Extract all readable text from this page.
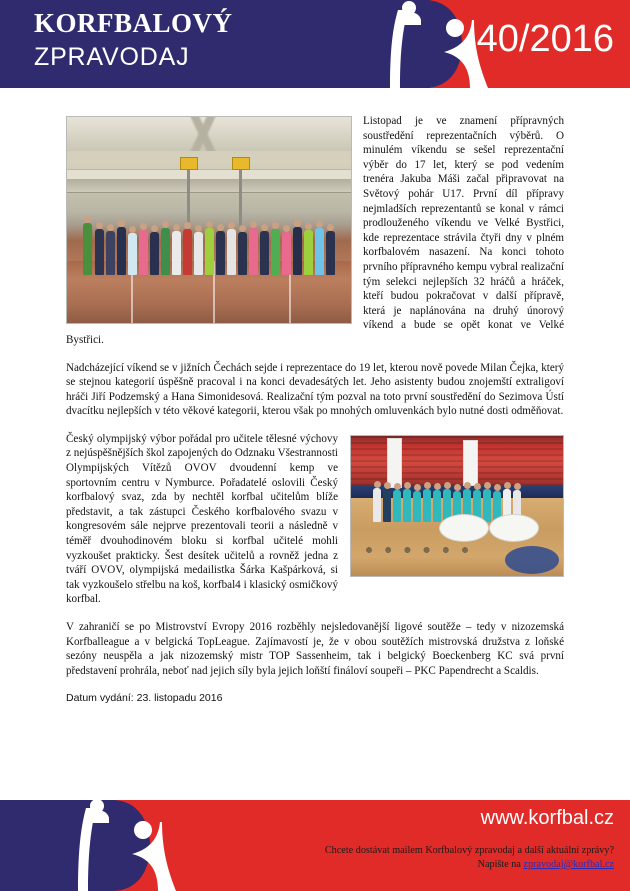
KORFBALOVÝ
ZPRAVODAJ	40/2016

Listopad je ve znamení přípravných soustředění reprezentačních výběrů. O minulém víkendu se sešel reprezentační výběr do 17 let, který se pod vedením trenéra Jakuba Máši začal připravovat na Světový pohár U17. První díl přípravy nejmladších reprezentantů se konal v rámci prodlouženého víkendu ve Velké Bystřici, kde reprezentace strávila čtyři dny v plném korfbalovém nasazení. Na konci tohoto prvního přípravného kempu vybral realizační tým selekci nejlepších 32 hráčů a hráček, kteří budou pokračovat v další přípravě, která je naplánována na druhý únorový víkend a bude se opět konat ve Velké Bystřici.

Nadcházející víkend se v jižních Čechách sejde i reprezentace do 19 let, kterou nově povede Milan Čejka, který se stejnou kategorií úspěšně pracoval i na konci devadesátých let. Jeho asistenty budou znojemští extraligoví hráči Jiří Podzemský a Hana Simonidesová. Realizační tým pozval na toto první soustředění do Sezimova Ústí dvacítku nejlepších v této věkové kategorii, kterou však po mnohých omluvenkách bylo nutné dosti odměňovat.

Český olympijský výbor pořádal pro učitele tělesné výchovy z nejúspěšnějších škol zapojených do Odznaku Všestrannosti Olympijských Vítězů OVOV dvoudenní kemp ve sportovním centru v Nymburce. Pořadatelé oslovili Český korfbalový svaz, zda by nechtěl korfbal učitelům blíže představit, a tak zástupci Českého korfbalového svazu v kongresovém sále nejprve prezentovali teorii a následně v téměř dvouhodinovém bloku si korfbal učitelé mohli vyzkoušet prakticky. Šest desítek učitelů a rovněž jedna z tváří OVOV, olympijská medailistka Šárka Kašpárková, si tak vyzkoušelo střelbu na koš, korfbal4 i klasický osmičkový korfbal.

V zahraničí se po Mistrovství Evropy 2016 rozběhly nejsledovanější ligové soutěže – tedy v nizozemská Korfballeague a v belgická TopLeague. Zajímavostí je, že v obou soutěžích mistrovská družstva z loňské sezóny neuspěla a jak nizozemský mistr TOP Sassenheim, tak i belgický Boeckenberg KC svá první představení prohrála, neboť nad jejich síly byla jejich loňští fináloví soupeři – PKC Papendrecht a Scaldis.

Datum vydání: 23. listopadu 2016
www.korfbal.cz
Chcete dostávat mailem Korfbalový zpravodaj a další aktuální zprávy?
Napište na zpravodaj@korfbal.cz
